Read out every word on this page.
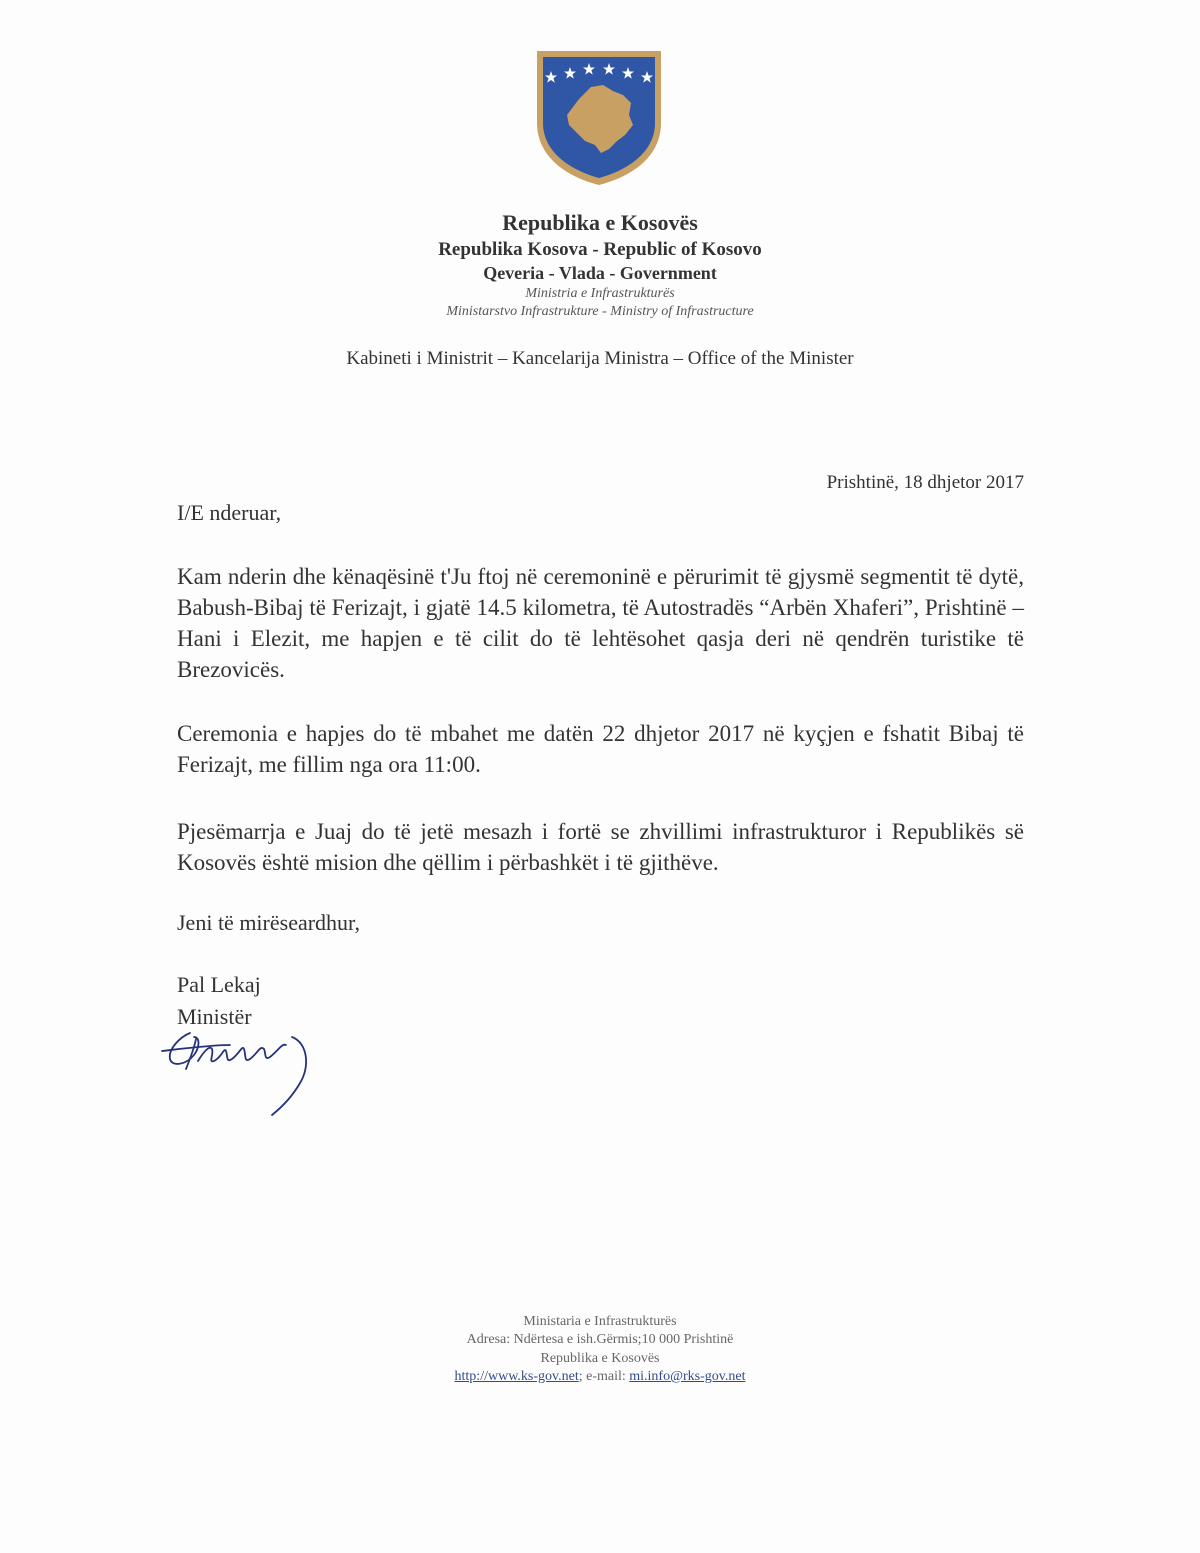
Republika e Kosovës
Republika Kosova - Republic of Kosovo
Qeveria - Vlada - Government
Ministria e Infrastrukturës
Ministarstvo Infrastrukture - Ministry of Infrastructure
Kabineti i Ministrit – Kancelarija Ministra – Office of the Minister
Prishtinë, 18 dhjetor 2017
I/E nderuar,
Kam nderin dhe kënaqësinë t'Ju ftoj në ceremoninë e përurimit të gjysmë segmentit të dytë, Babush-Bibaj të Ferizajt, i gjatë 14.5 kilometra, të Autostradës “Arbën Xhaferi”, Prishtinë – Hani i Elezit, me hapjen e të cilit do të lehtësohet qasja deri në qendrën turistike të Brezovicës.
Ceremonia e hapjes do të mbahet me datën 22 dhjetor 2017 në kyçjen e fshatit Bibaj të Ferizajt, me fillim nga ora 11:00.
Pjesëmarrja e Juaj do të jetë mesazh i fortë se zhvillimi infrastrukturor i Republikës së Kosovës është mision dhe qëllim i përbashkët i të gjithëve.
Jeni të mirëseardhur,
Pal Lekaj
Ministër
Ministaria e Infrastrukturës
Adresa: Ndërtesa e ish.Gërmis;10 000 Prishtinë
Republika e Kosovës
http://www.ks-gov.net; e-mail: mi.info@rks-gov.net
